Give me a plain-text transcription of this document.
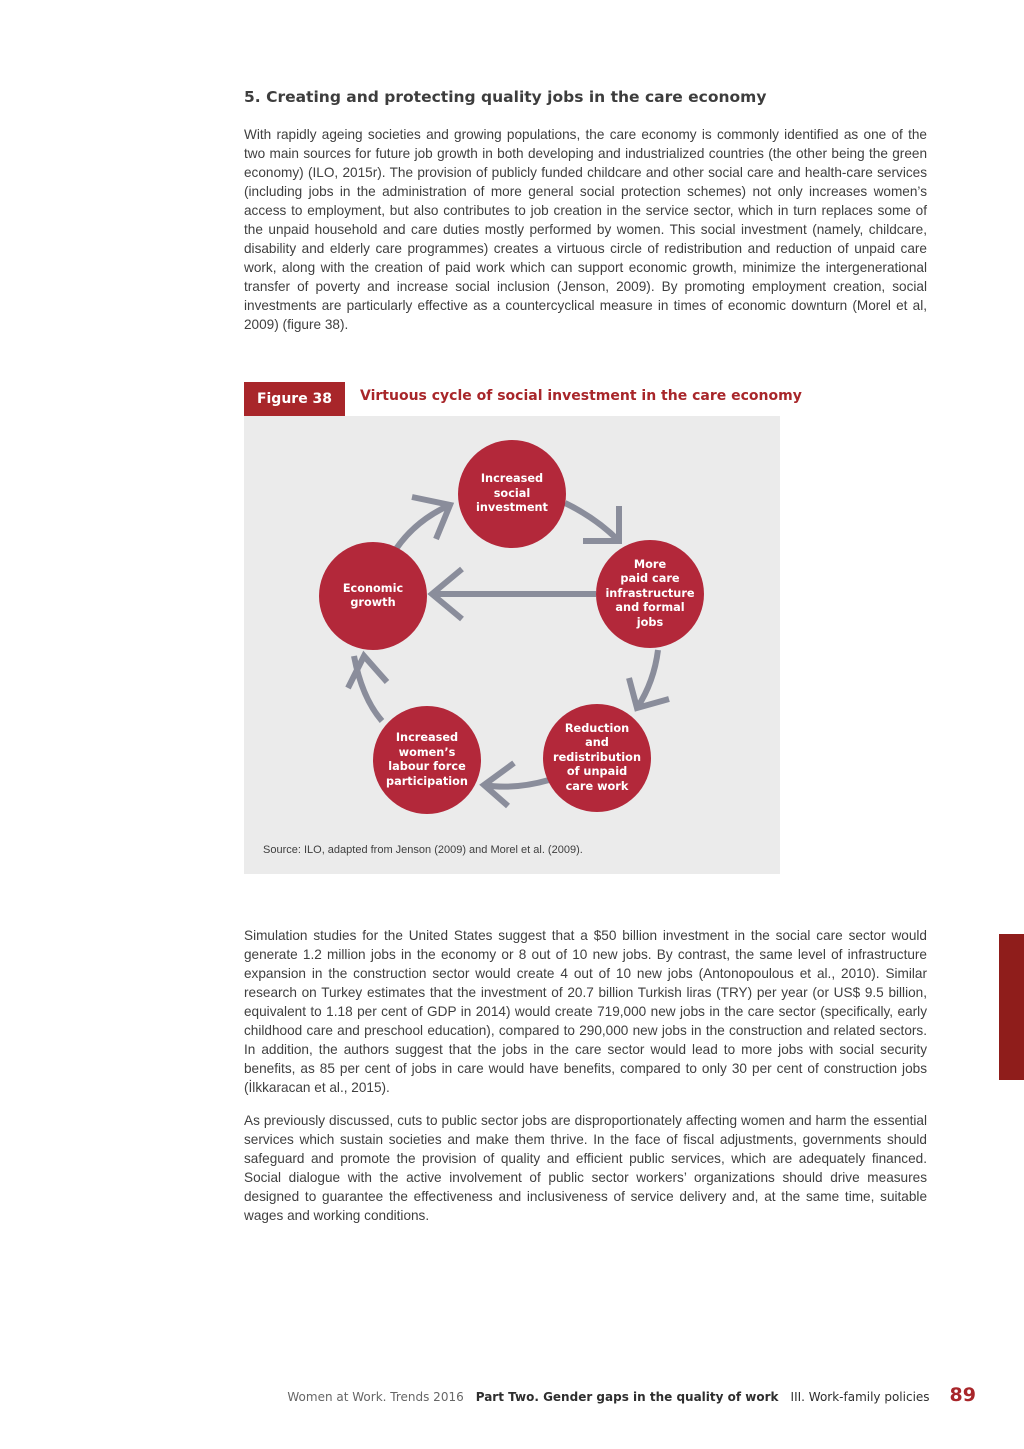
5. Creating and protecting quality jobs in the care economy

With rapidly ageing societies and growing populations, the care economy is commonly identified as one of the two main sources for future job growth in both developing and industrialized countries (the other being the green economy) (ILO, 2015r). The provision of publicly funded childcare and other social care and health-care services (including jobs in the administration of more general social protection schemes) not only increases women’s access to employment, but also contributes to job creation in the service sector, which in turn replaces some of the unpaid household and care duties mostly performed by women. This social investment (namely, childcare, disability and elderly care programmes) creates a virtuous circle of redistribution and reduction of unpaid care work, along with the creation of paid work which can support economic growth, minimize the intergenerational transfer of poverty and increase social inclusion (Jenson, 2009). By promoting employment creation, social investments are particularly effective as a countercyclical measure in times of economic downturn (Morel et al, 2009) (figure 38).

Figure 38	Virtuous cycle of social investment in the care economy
Increased
social
investment
More
paid care
infrastructure
and formal
jobs
Reduction
and
redistribution
of unpaid
care work
Increased
women’s
labour force
participation
Economic
growth
Source: ILO, adapted from Jenson (2009) and Morel et al. (2009).

Simulation studies for the United States suggest that a $50 billion investment in the social care sector would generate 1.2 million jobs in the economy or 8 out of 10 new jobs. By contrast, the same level of infrastructure expansion in the construction sector would create 4 out of 10 new jobs (Antonopoulous et al., 2010). Similar research on Turkey estimates that the investment of 20.7 billion Turkish liras (TRY) per year (or US$ 9.5 billion, equivalent to 1.18 per cent of GDP in 2014) would create 719,000 new jobs in the care sector (specifically, early childhood care and preschool education), compared to 290,000 new jobs in the construction and related sectors. In addition, the authors suggest that the jobs in the care sector would lead to more jobs with social security benefits, as 85 per cent of jobs in care would have benefits, compared to only 30 per cent of construction jobs (İlkkaracan et al., 2015).

As previously discussed, cuts to public sector jobs are disproportionately affecting women and harm the essential services which sustain societies and make them thrive. In the face of fiscal adjustments, governments should safeguard and promote the provision of quality and efficient public services, which are adequately financed. Social dialogue with the active involvement of public sector workers’ organizations should drive measures designed to guarantee the effectiveness and inclusiveness of service delivery and, at the same time, suitable wages and working conditions.

Women at Work. Trends 2016 Part Two. Gender gaps in the quality of work III. Work-family policies 89
